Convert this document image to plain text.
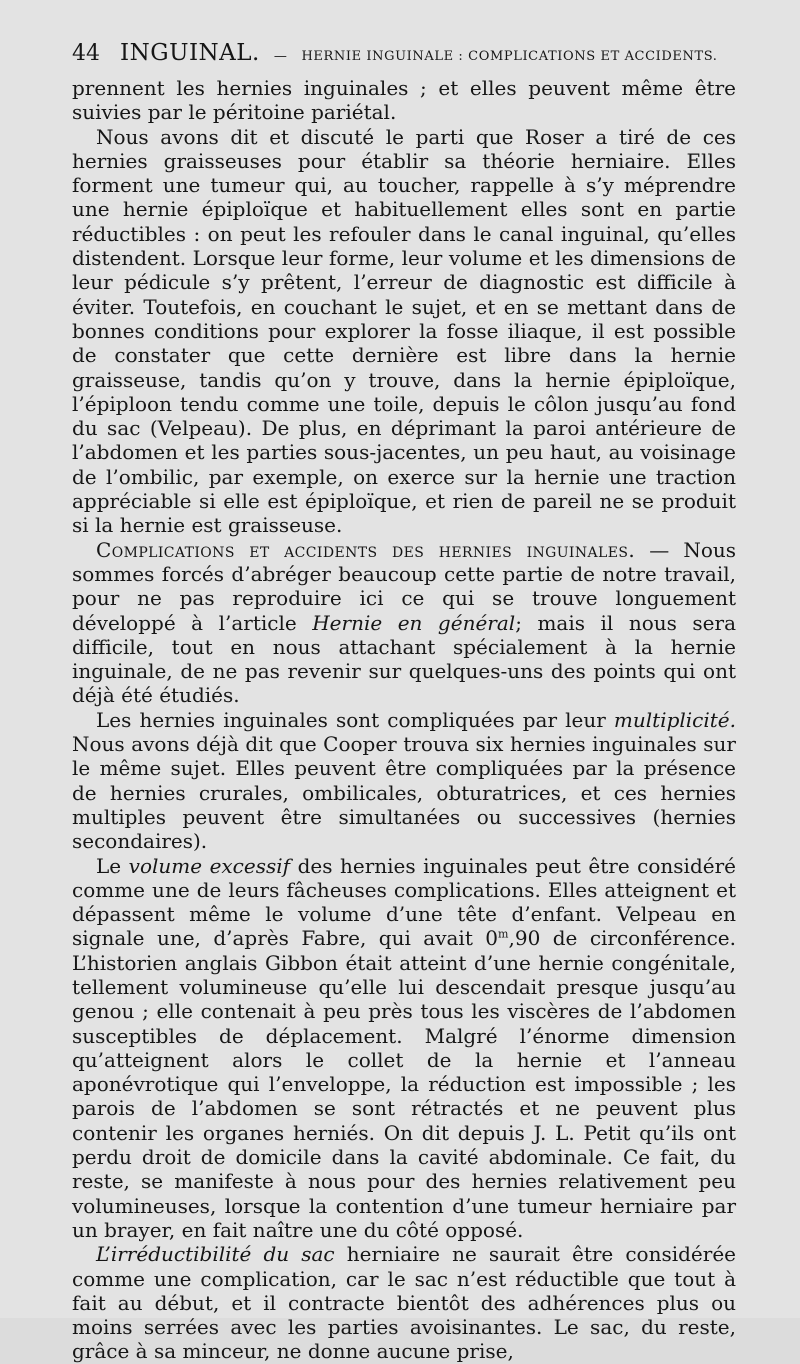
44 INGUINAL. — HERNIE INGUINALE : COMPLICATIONS ET ACCIDENTS.

prennent les hernies inguinales ; et elles peuvent même être suivies par le péritoine pariétal.

Nous avons dit et discuté le parti que Roser a tiré de ces hernies graisseuses pour établir sa théorie herniaire. Elles forment une tumeur qui, au toucher, rappelle à s’y méprendre une hernie épiploïque et habituellement elles sont en partie réductibles : on peut les refouler dans le canal inguinal, qu’elles distendent. Lorsque leur forme, leur volume et les dimensions de leur pédicule s’y prêtent, l’erreur de diagnostic est difficile à éviter. Toutefois, en couchant le sujet, et en se mettant dans de bonnes conditions pour explorer la fosse iliaque, il est possible de constater que cette dernière est libre dans la hernie graisseuse, tandis qu’on y trouve, dans la hernie épiploïque, l’épiploon tendu comme une toile, depuis le côlon jusqu’au fond du sac (Velpeau). De plus, en déprimant la paroi antérieure de l’abdomen et les parties sous-jacentes, un peu haut, au voisinage de l’ombilic, par exemple, on exerce sur la hernie une traction appréciable si elle est épiploïque, et rien de pareil ne se produit si la hernie est graisseuse.

Complications et accidents des hernies inguinales. — Nous sommes forcés d’abréger beaucoup cette partie de notre travail, pour ne pas reproduire ici ce qui se trouve longuement développé à l’article Hernie en général; mais il nous sera difficile, tout en nous attachant spécialement à la hernie inguinale, de ne pas revenir sur quelques-uns des points qui ont déjà été étudiés.

Les hernies inguinales sont compliquées par leur multiplicité. Nous avons déjà dit que Cooper trouva six hernies inguinales sur le même sujet. Elles peuvent être compliquées par la présence de hernies crurales, ombilicales, obturatrices, et ces hernies multiples peuvent être simultanées ou successives (hernies secondaires).

Le volume excessif des hernies inguinales peut être considéré comme une de leurs fâcheuses complications. Elles atteignent et dépassent même le volume d’une tête d’enfant. Velpeau en signale une, d’après Fabre, qui avait 0$^m$,90 de circonférence. L’historien anglais Gibbon était atteint d’une hernie congénitale, tellement volumineuse qu’elle lui descendait presque jusqu’au genou ; elle contenait à peu près tous les viscères de l’abdomen susceptibles de déplacement. Malgré l’énorme dimension qu’atteignent alors le collet de la hernie et l’anneau aponévrotique qui l’enveloppe, la réduction est impossible ; les parois de l’abdomen se sont rétractés et ne peuvent plus contenir les organes herniés. On dit depuis J. L. Petit qu’ils ont perdu droit de domicile dans la cavité abdominale. Ce fait, du reste, se manifeste à nous pour des hernies relativement peu volumineuses, lorsque la contention d’une tumeur herniaire par un brayer, en fait naître une du côté opposé.

L’irréductibilité du sac herniaire ne saurait être considérée comme une complication, car le sac n’est réductible que tout à fait au début, et il contracte bientôt des adhérences plus ou moins serrées avec les parties avoisinantes. Le sac, du reste, grâce à sa minceur, ne donne aucune prise,
